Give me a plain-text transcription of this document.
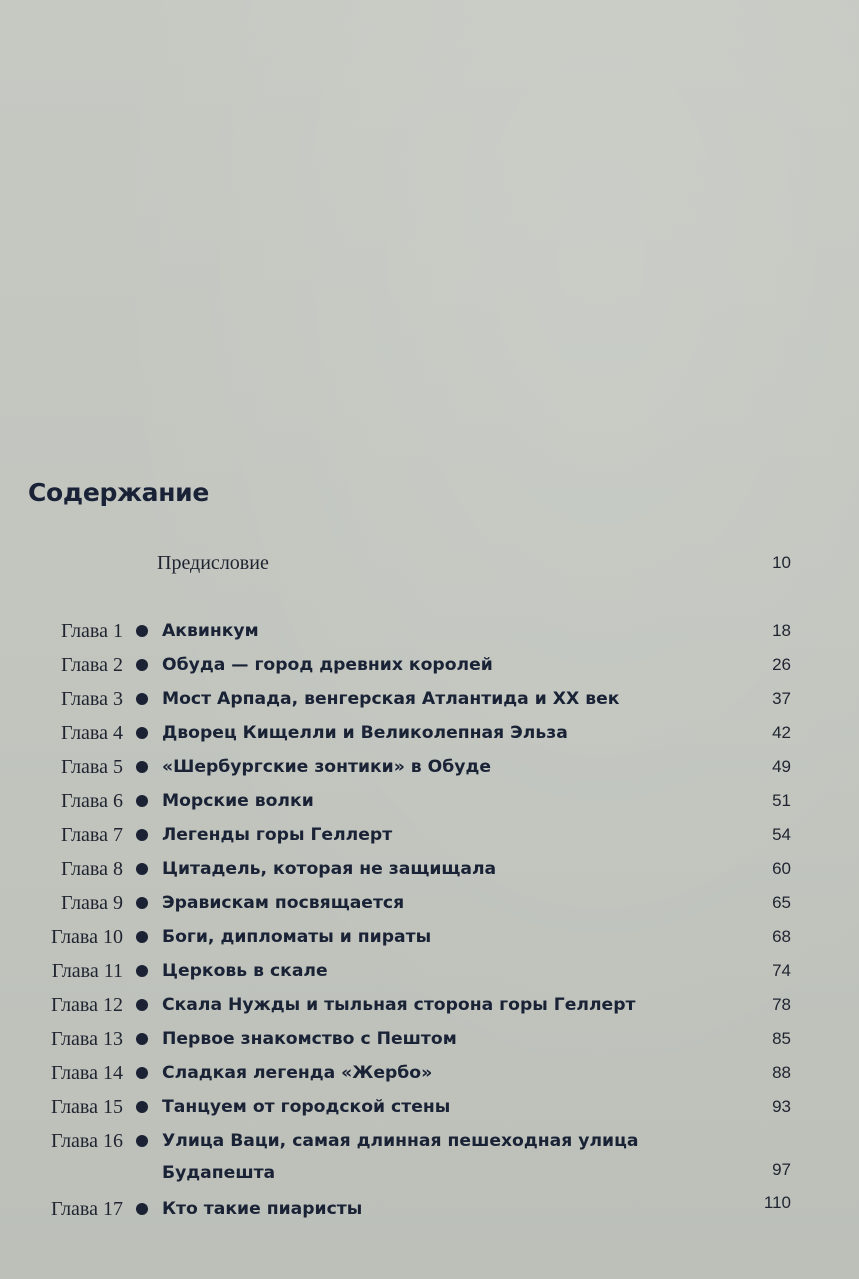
Содержание
Предисловие	10
Глава 1 Аквинкум	18
Глава 2 Обуда — город древних королей	26
Глава 3 Мост Арпада, венгерская Атлантида и ХХ век	37
Глава 4 Дворец Кищелли и Великолепная Эльза	42
Глава 5 «Шербургские зонтики» в Обуде	49
Глава 6 Морские волки	51
Глава 7 Легенды горы Геллерт	54
Глава 8 Цитадель, которая не защищала	60
Глава 9 Эравискам посвящается	65
Глава 10 Боги, дипломаты и пираты	68
Глава 11 Церковь в скале	74
Глава 12 Скала Нужды и тыльная сторона горы Геллерт	78
Глава 13 Первое знакомство с Пештом	85
Глава 14 Сладкая легенда «Жербо»	88
Глава 15 Танцуем от городской стены	93
Глава 16 Улица Ваци, самая длинная пешеходная улица
Будапешта	97
Глава 17 Кто такие пиаристы	110
